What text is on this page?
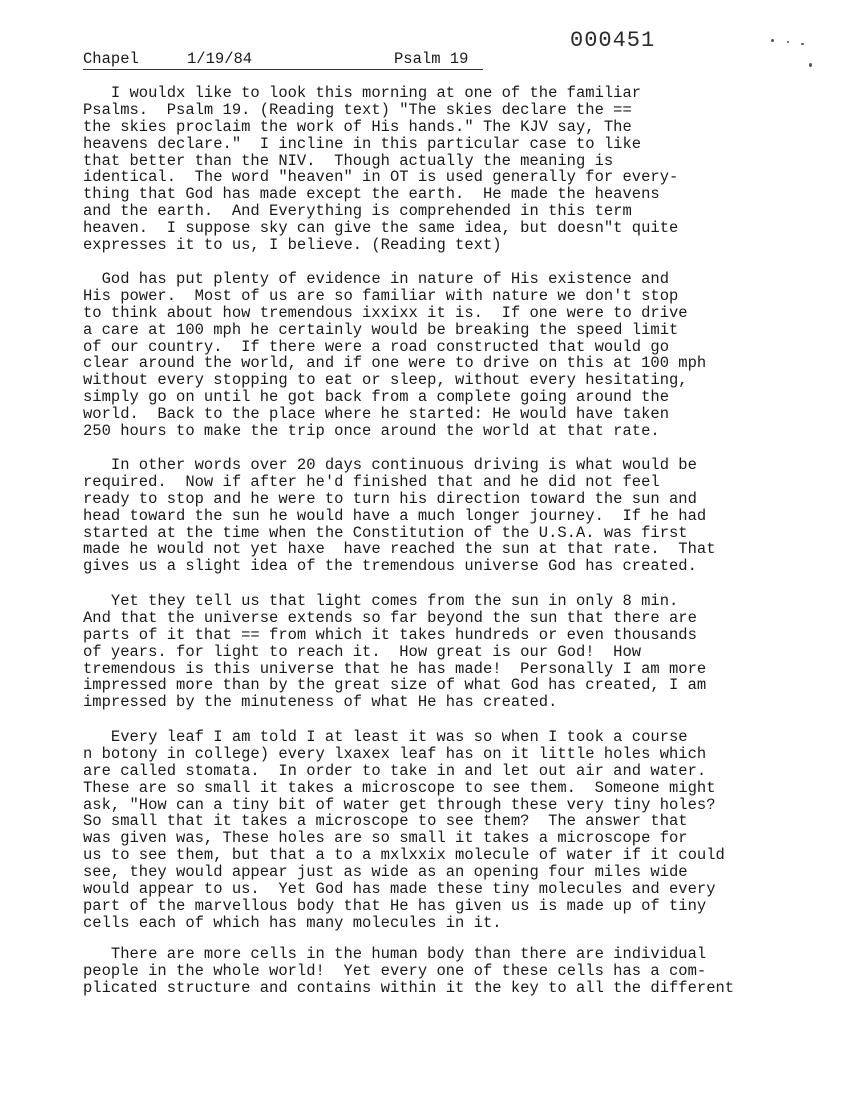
000451

Chapel

	1/19/84

	Psalm 19

I wouldx like to look this morning at one of the familiar
Psalms.  Psalm 19. (Reading text) "The skies declare the ==
the skies proclaim the work of His hands." The KJV say, The
heavens declare."  I incline in this particular case to like
that better than the NIV.  Though actually the meaning is
identical.  The word "heaven" in OT is used generally for every-
thing that God has made except the earth.  He made the heavens
and the earth.  And Everything is comprehended in this term
heaven.  I suppose sky can give the same idea, but doesn"t quite
expresses it to us, I believe. (Reading text)
God has put plenty of evidence in nature of His existence and
His power.  Most of us are so familiar with nature we don't stop
to think about how tremendous ixxixx it is.  If one were to drive
a care at 100 mph he certainly would be breaking the speed limit
of our country.  If there were a road constructed that would go
clear around the world, and if one were to drive on this at 100 mph
without every stopping to eat or sleep, without every hesitating,
simply go on until he got back from a complete going around the
world.  Back to the place where he started: He would have taken
250 hours to make the trip once around the world at that rate.
In other words over 20 days continuous driving is what would be
required.  Now if after he'd finished that and he did not feel
ready to stop and he were to turn his direction toward the sun and
head toward the sun he would have a much longer journey.  If he had
started at the time when the Constitution of the U.S.A. was first
made he would not yet haxe  have reached the sun at that rate.  That
gives us a slight idea of the tremendous universe God has created.
Yet they tell us that light comes from the sun in only 8 min.
And that the universe extends so far beyond the sun that there are
parts of it that == from which it takes hundreds or even thousands
of years. for light to reach it.  How great is our God!  How
tremendous is this universe that he has made!  Personally I am more
impressed more than by the great size of what God has created, I am
impressed by the minuteness of what He has created.
Every leaf I am told I at least it was so when I took a course
n botony in college) every lxaxex leaf has on it little holes which
are called stomata.  In order to take in and let out air and water.
These are so small it takes a microscope to see them.  Someone might
ask, "How can a tiny bit of water get through these very tiny holes?
So small that it takes a microscope to see them?  The answer that
was given was, These holes are so small it takes a microscope for
us to see them, but that a to a mxlxxix molecule of water if it could
see, they would appear just as wide as an opening four miles wide
would appear to us.  Yet God has made these tiny molecules and every
part of the marvellous body that He has given us is made up of tiny
cells each of which has many molecules in it.
There are more cells in the human body than there are individual
people in the whole world!  Yet every one of these cells has a com-
plicated structure and contains within it the key to all the different
